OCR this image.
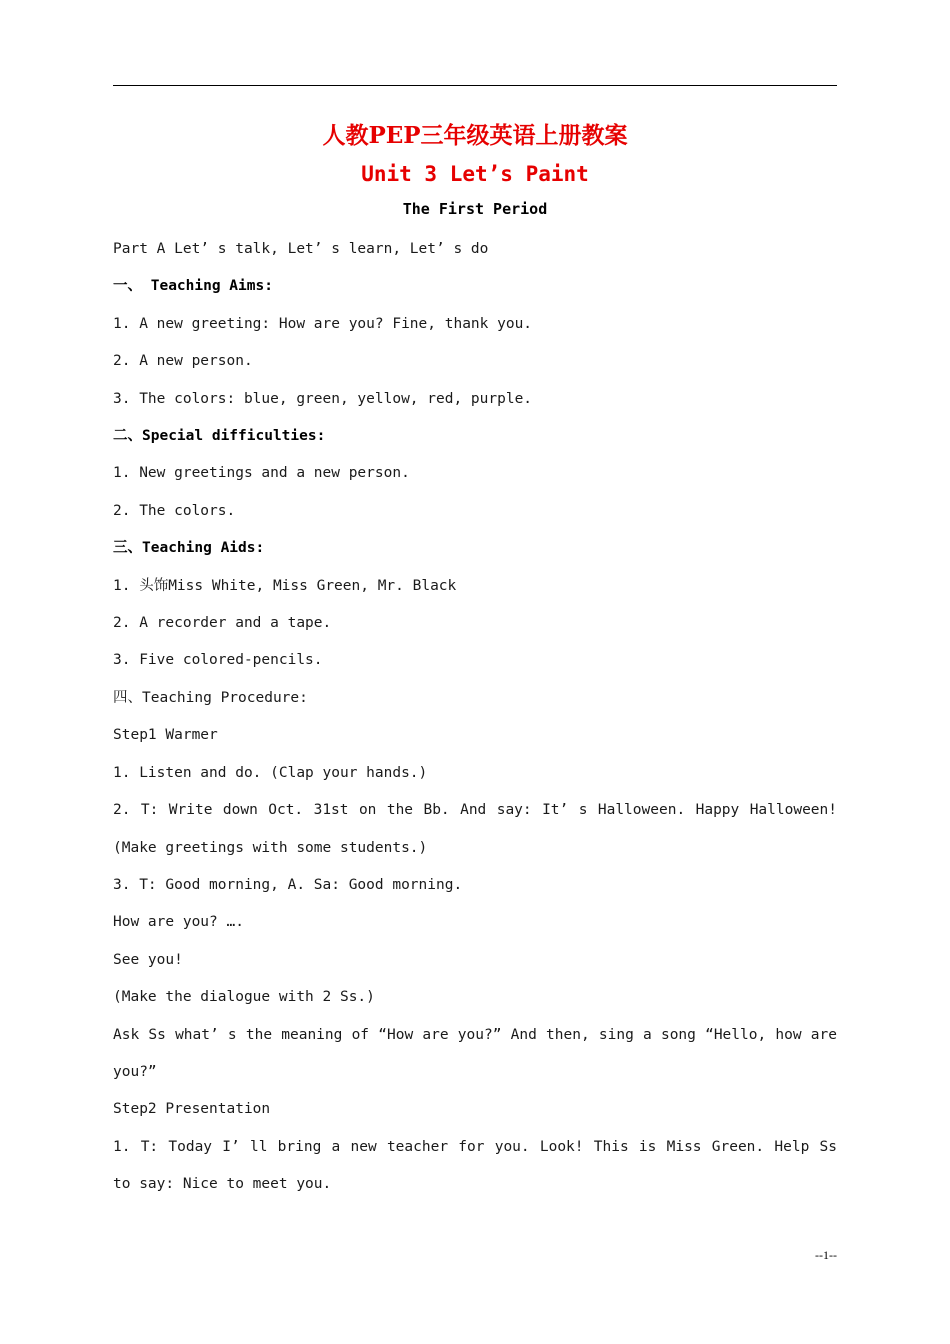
人教PEP三年级英语上册教案
Unit 3 Let’s Paint
The First Period

Part A Let’ s talk, Let’ s learn, Let’ s do

一、 Teaching Aims:

1. A new greeting: How are you? Fine, thank you.

2. A new person.

3. The colors: blue, green, yellow, red, purple.

二、Special difficulties:

1. New greetings and a new person.

2. The colors.

三、Teaching Aids:

1. 头饰Miss White, Miss Green, Mr. Black

2. A recorder and a tape.

3. Five colored-pencils.

四、Teaching Procedure:

Step1 Warmer

1. Listen and do. (Clap your hands.)

2. T: Write down Oct. 31st on the Bb. And say: It’ s Halloween. Happy Halloween! (Make greetings with some students.)

3. T: Good morning, A. Sa: Good morning.

How are you? ….

See you!

(Make the dialogue with 2 Ss.)

Ask Ss what’ s the meaning of “How are you?” And then, sing a song “Hello, how are you?”

Step2 Presentation

1. T: Today I’ ll bring a new teacher for you. Look! This is Miss Green. Help Ss to say: Nice to meet you.

--1--
